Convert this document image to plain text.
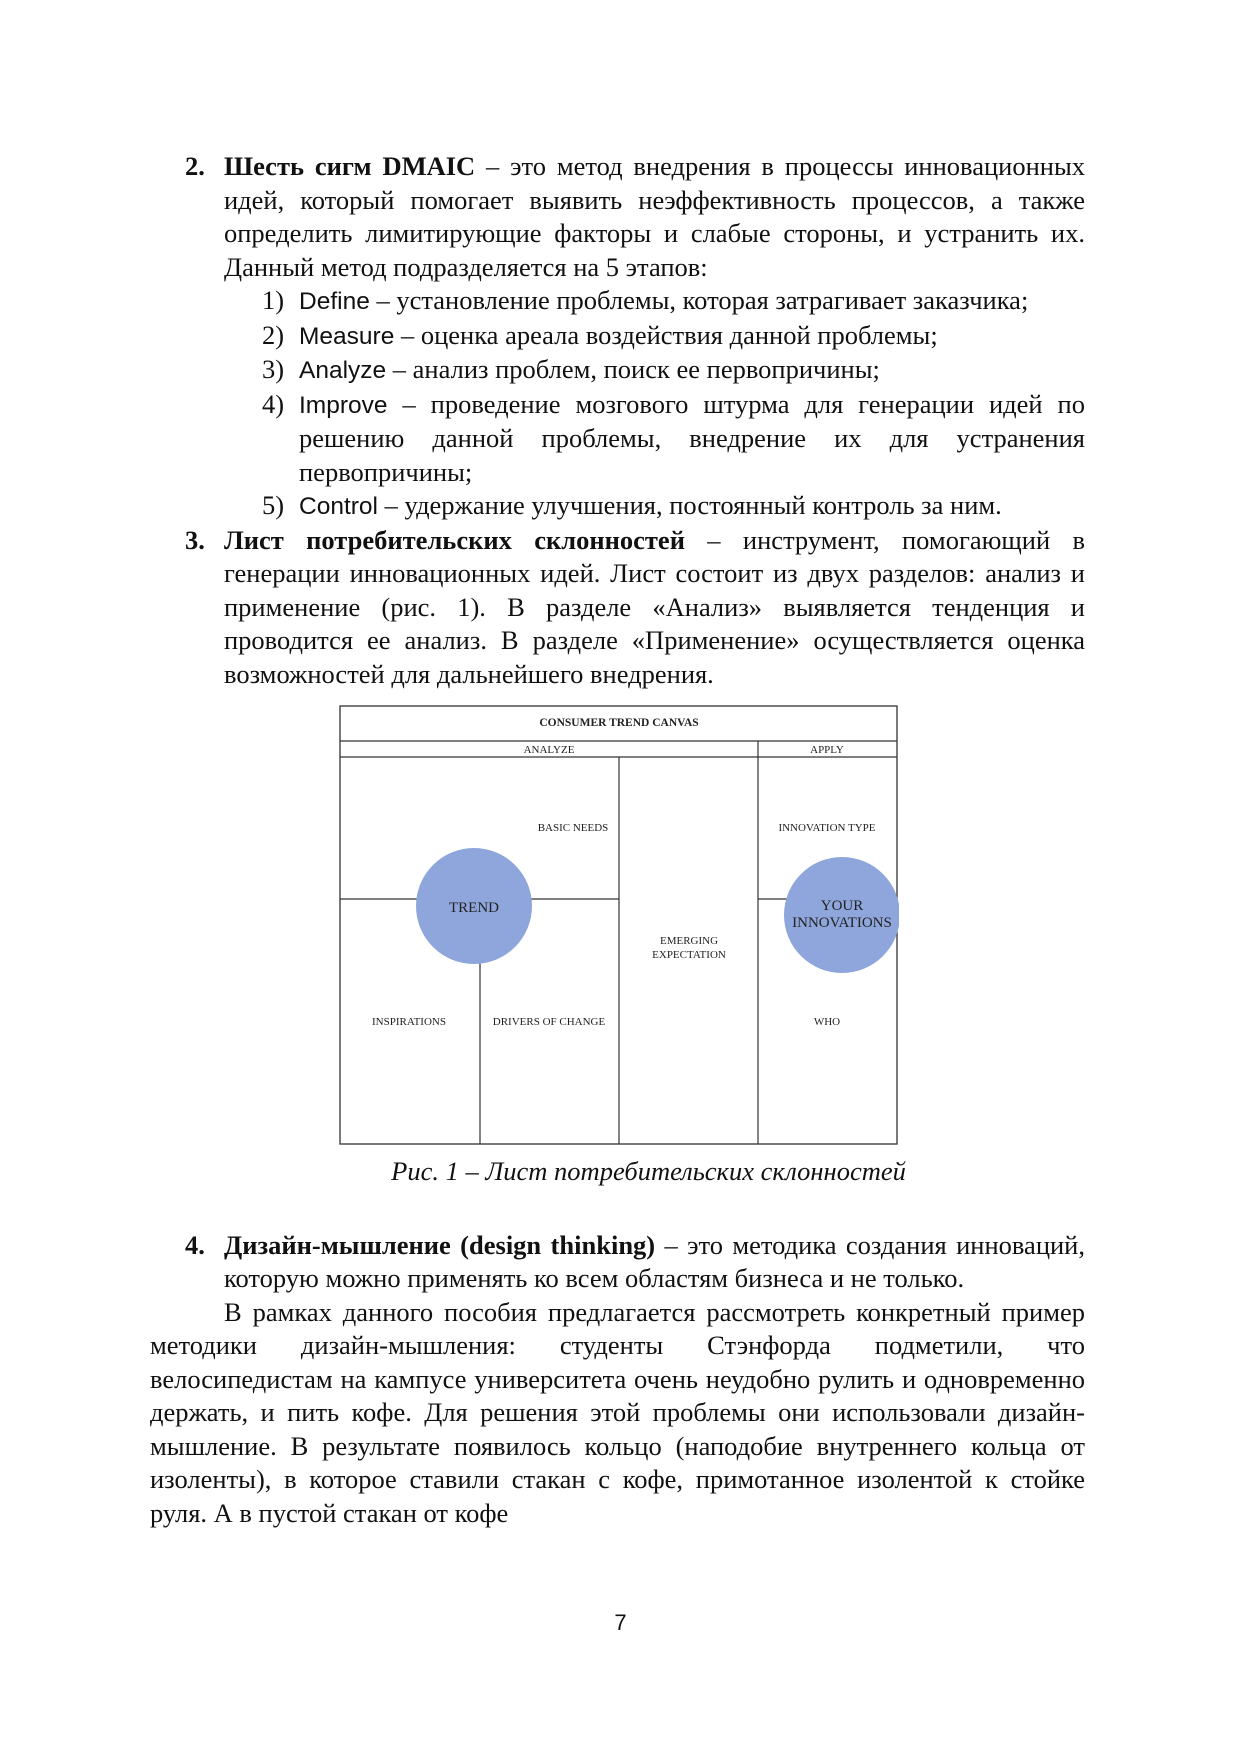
2. Шесть сигм DMAIC – это метод внедрения в процессы инновационных идей, который помогает выявить неэффективность процессов, а также определить лимитирующие факторы и слабые стороны, и устранить их. Данный метод подразделяется на 5 этапов:
1) Define – установление проблемы, которая затрагивает заказчика;
2) Measure – оценка ареала воздействия данной проблемы;
3) Analyze – анализ проблем, поиск ее первопричины;
4) Improve – проведение мозгового штурма для генерации идей по решению данной проблемы, внедрение их для устранения первопричины;
5) Control – удержание улучшения, постоянный контроль за ним.
3. Лист потребительских склонностей – инструмент, помогающий в генерации инновационных идей. Лист состоит из двух разделов: анализ и применение (рис. 1). В разделе «Анализ» выявляется тенденция и проводится ее анализ. В разделе «Применение» осуществляется оценка возможностей для дальнейшего внедрения.
CONSUMER TREND CANVAS
ANALYZE	APPLY
BASIC NEEDS	INNOVATION TYPE
TREND	YOUR
INNOVATIONS
EMERGING
EXPECTATION
INSPIRATIONS	DRIVERS OF CHANGE	WHO
Рис. 1 – Лист потребительских склонностей
4. Дизайн-мышление (design thinking) – это методика создания инноваций, которую можно применять ко всем областям бизнеса и не только.
В рамках данного пособия предлагается рассмотреть конкретный пример методики дизайн-мышления: студенты Стэнфорда подметили, что велосипедистам на кампусе университета очень неудобно рулить и одновременно держать, и пить кофе. Для решения этой проблемы они использовали дизайн-мышление. В результате появилось кольцо (наподобие внутреннего кольца от изоленты), в которое ставили стакан с кофе, примотанное изолентой к стойке руля. А в пустой стакан от кофе
7
